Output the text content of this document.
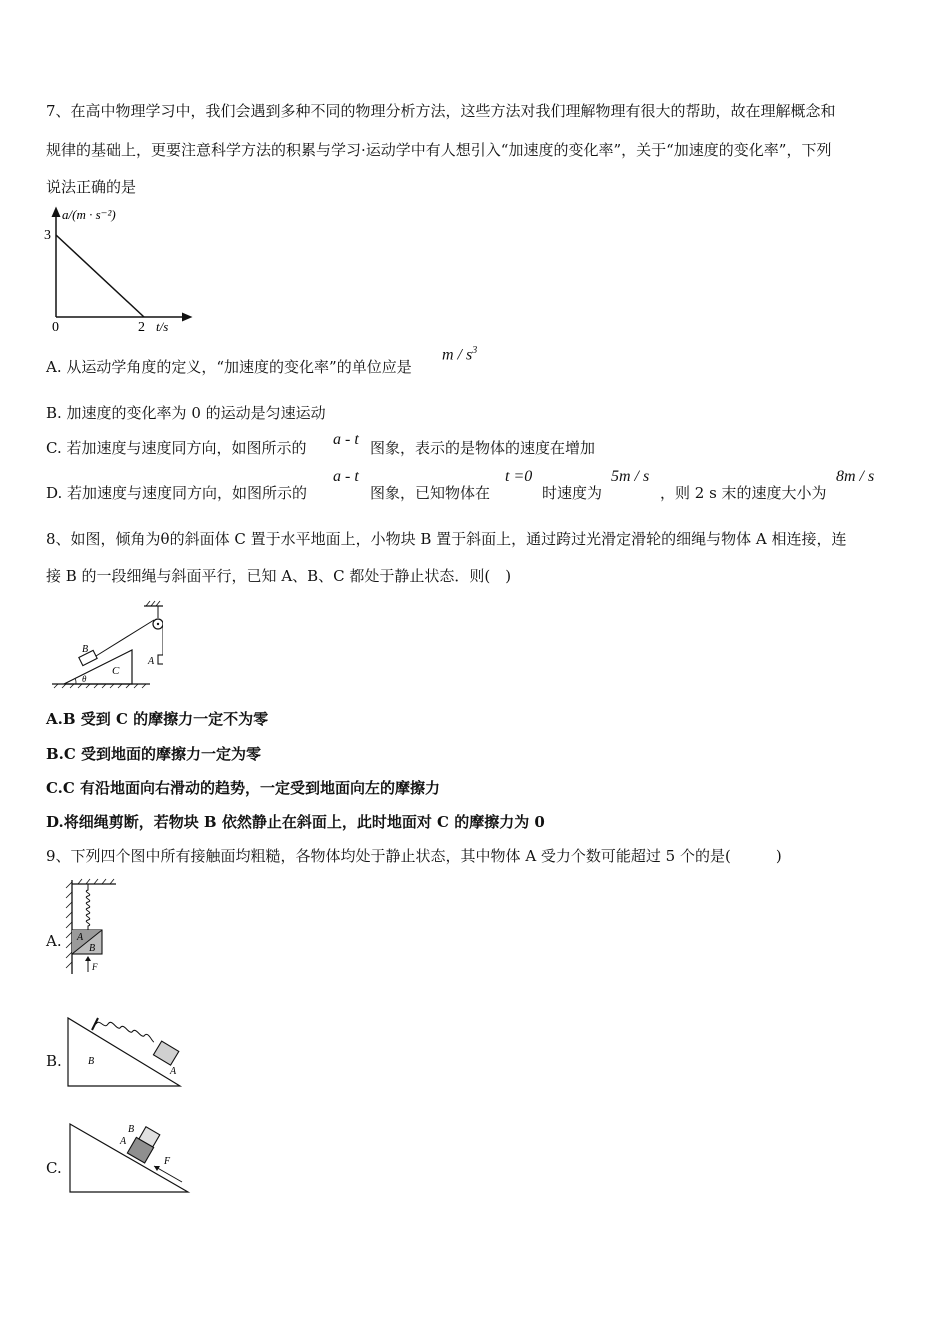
7、在高中物理学习中，我们会遇到多种不同的物理分析方法，这些方法对我们理解物理有很大的帮助，故在理解概念和
规律的基础上，更要注意科学方法的积累与学习·运动学中有人想引入“加速度的变化率”，关于“加速度的变化率”，下列
说法正确的是
a/(m · s⁻²)
3
0	2 t/s
A. 从运动学角度的定义，“加速度的变化率”的单位应是
m / $s^3$
B. 加速度的变化率为 0 的运动是匀速运动
C. 若加速度与速度同方向，如图所示的 a - t 图象，表示的是物体的速度在增加
D. 若加速度与速度同方向，如图所示的
a - t
图象，已知物体在
t =0
时速度为
5m / s
，则 2 s 末的速度大小为
8m / s
8、如图，倾角为θ的斜面体 C 置于水平地面上，小物块 B 置于斜面上，通过跨过光滑定滑轮的细绳与物体 A 相连接，连
接 B 的一段细绳与斜面平行，已知 A、B、C 都处于静止状态．则(　)
B
C
A
θ
A.B 受到 C 的摩擦力一定不为零
B.C 受到地面的摩擦力一定为零
C.C 有沿地面向右滑动的趋势，一定受到地面向左的摩擦力
D.将细绳剪断，若物块 B 依然静止在斜面上，此时地面对 C 的摩擦力为 0
9、下列四个图中所有接触面均粗糙，各物体均处于静止状态，其中物体 A 受力个数可能超过 5 个的是(　　　)
A. A
B
F
B.	B
A
C.
B
A
F
